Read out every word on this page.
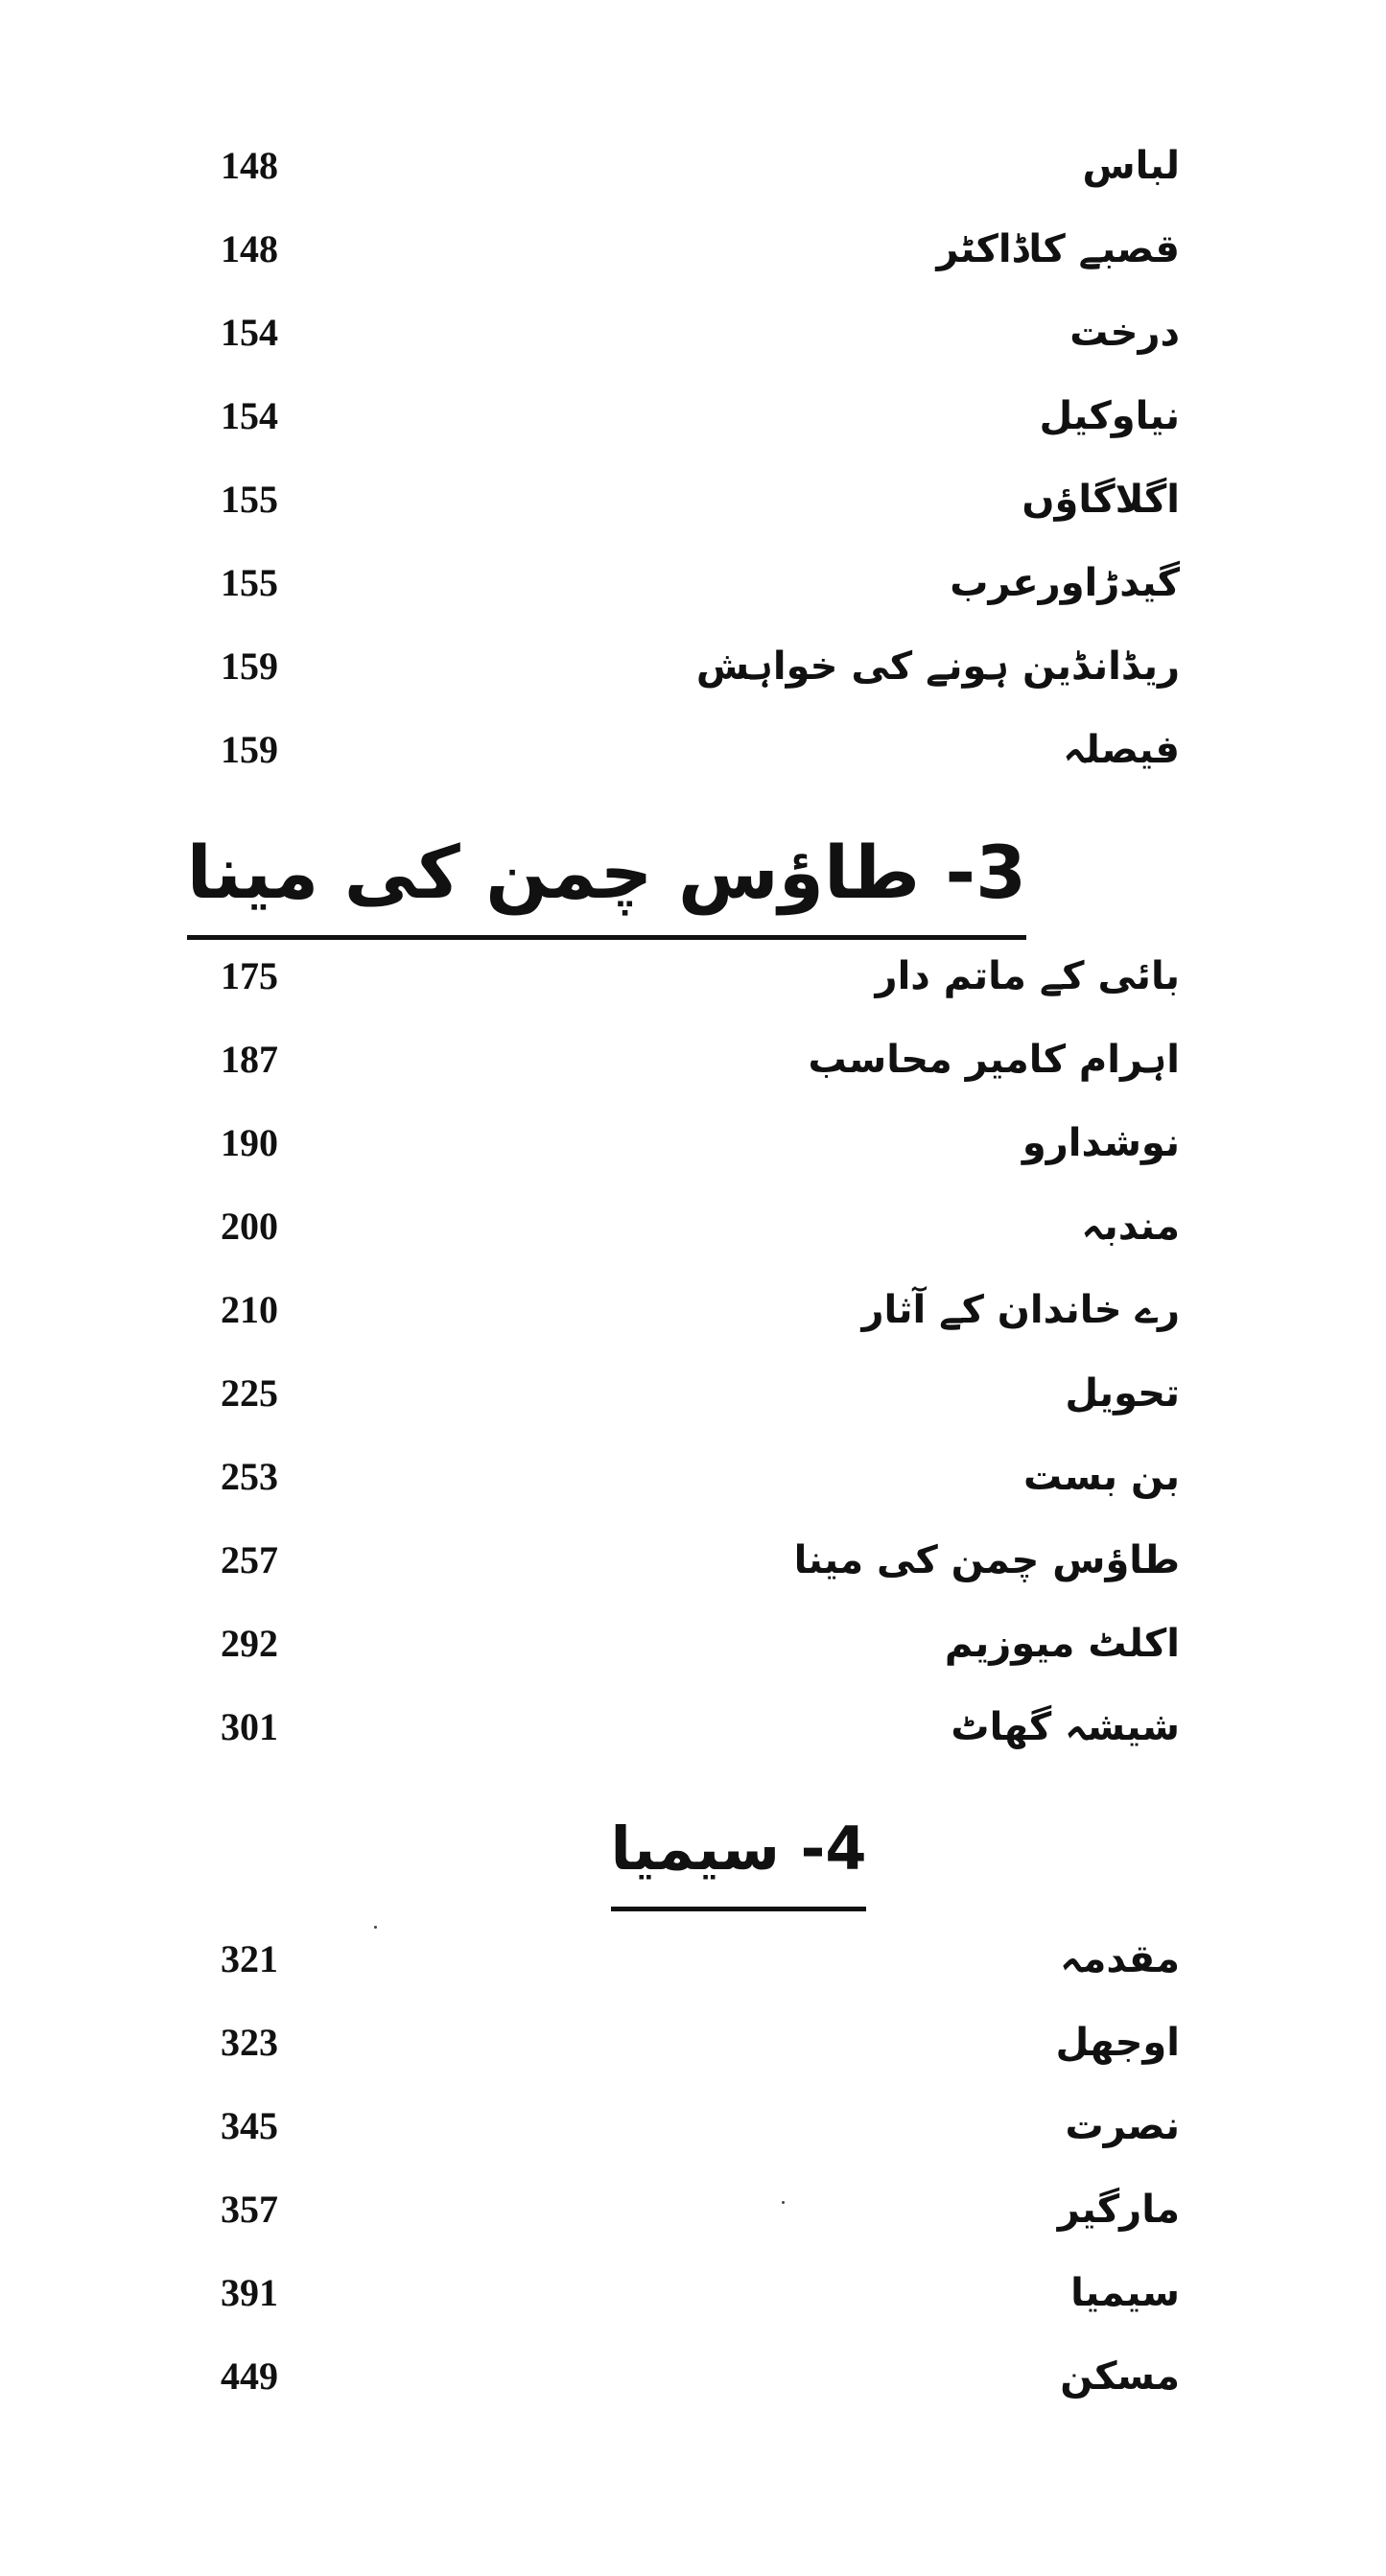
148	لباس
148	قصبے کاڈاکٹر
154	درخت
154	نیاوکیل
155	اگلاگاؤں
155	گیدڑاورعرب
159	ریڈانڈین ہونے کی خواہش
159	فیصلہ
3- طاؤس چمن کی مینا
175	بائی کے ماتم دار
187	اہرام کامیر محاسب
190	نوشدارو
200	مندبہ
210	رے خاندان کے آثار
225	تحویل
253	بن بست
257	طاؤس چمن کی مینا
292	اکلٹ میوزیم
301	شیشہ گھاٹ
4- سیمیا
321	مقدمہ
323	اوجھل
345	نصرت
357	مارگیر
391	سیمیا
449	مسکن
